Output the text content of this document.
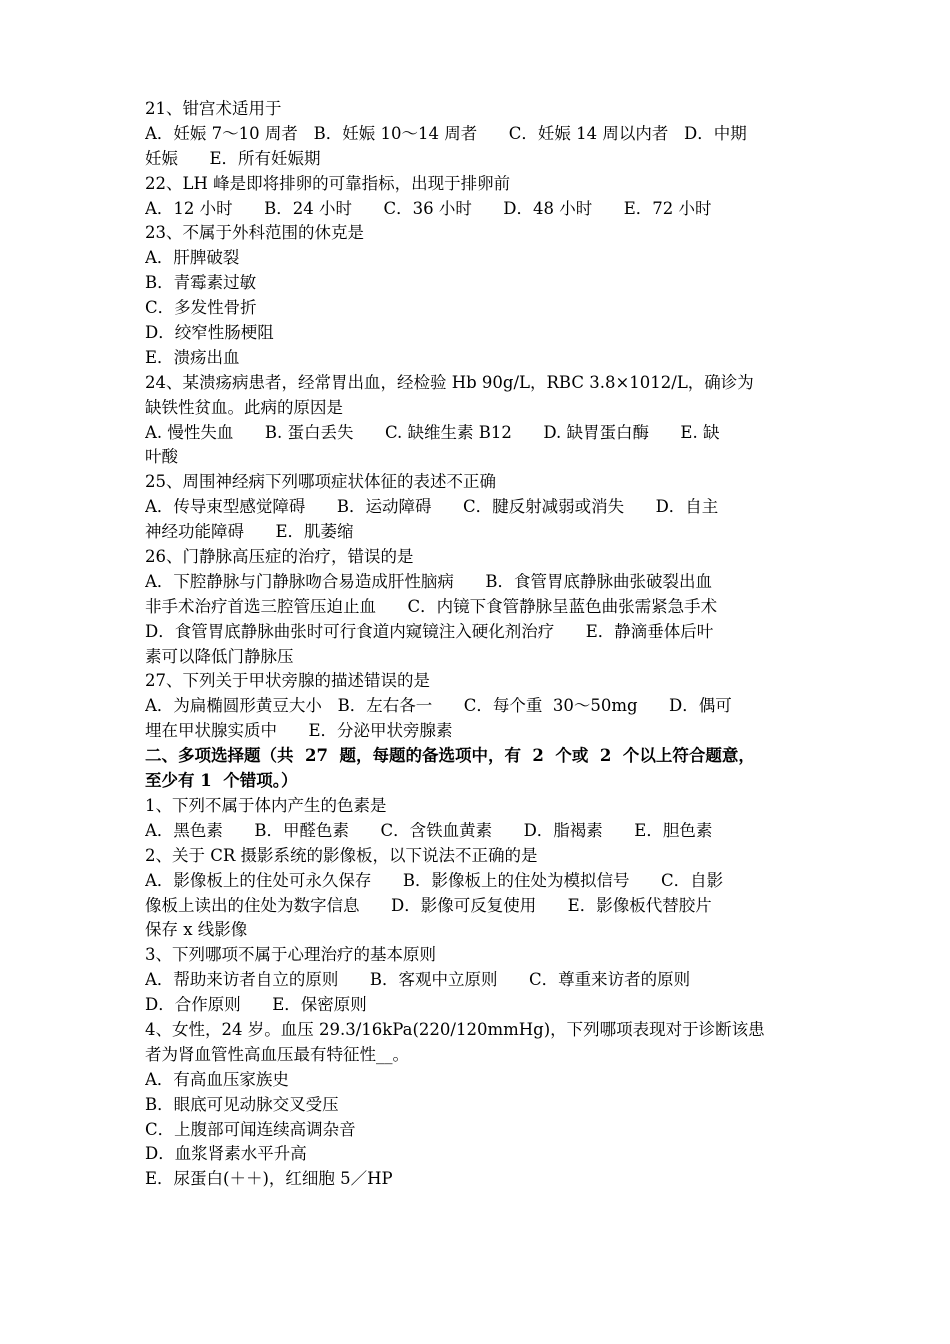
21、钳宫术适用于
A．妊娠 7～10 周者   B．妊娠 10～14 周者      C．妊娠 14 周以内者   D．中期
妊娠      E．所有妊娠期
22、LH 峰是即将排卵的可靠指标，出现于排卵前
A．12 小时      B．24 小时      C．36 小时      D．48 小时      E．72 小时
23、不属于外科范围的休克是
A．肝脾破裂
B．青霉素过敏
C．多发性骨折
D．绞窄性肠梗阻
E．溃疡出血
24、某溃疡病患者，经常胃出血，经检验 Hb 90g/L，RBC 3.8×1012/L，确诊为
缺铁性贫血。此病的原因是
A. 慢性失血      B. 蛋白丢失      C. 缺维生素 B12      D. 缺胃蛋白酶      E. 缺
叶酸
25、周围神经病下列哪项症状体征的表述不正确
A．传导束型感觉障碍      B．运动障碍      C．腱反射减弱或消失      D．自主
神经功能障碍      E．肌萎缩
26、门静脉高压症的治疗，错误的是
A．下腔静脉与门静脉吻合易造成肝性脑病      B．食管胃底静脉曲张破裂出血
非手术治疗首选三腔管压迫止血      C．内镜下食管静脉呈蓝色曲张需紧急手术
D．食管胃底静脉曲张时可行食道内窥镜注入硬化剂治疗      E．静滴垂体后叶
素可以降低门静脉压
27、下列关于甲状旁腺的描述错误的是
A．为扁椭圆形黄豆大小   B．左右各一      C．每个重  30～50mg      D．偶可
埋在甲状腺实质中      E．分泌甲状旁腺素
二、多项选择题（共  27  题，每题的备选项中，有  2  个或  2  个以上符合题意，
至少有 1  个错项。）
1、下列不属于体内产生的色素是
A．黑色素      B．甲醛色素      C．含铁血黄素      D．脂褐素      E．胆色素
2、关于 CR 摄影系统的影像板，以下说法不正确的是
A．影像板上的住处可永久保存      B．影像板上的住处为模拟信号      C．自影
像板上读出的住处为数字信息      D．影像可反复使用      E．影像板代替胶片
保存 x 线影像
3、下列哪项不属于心理治疗的基本原则
A．帮助来访者自立的原则      B．客观中立原则      C．尊重来访者的原则
D．合作原则      E．保密原则
4、女性，24 岁。血压 29.3/16kPa(220/120mmHg)，下列哪项表现对于诊断该患
者为肾血管性高血压最有特征性__。
A．有高血压家族史
B．眼底可见动脉交叉受压
C．上腹部可闻连续高调杂音
D．血浆肾素水平升高
E．尿蛋白(＋＋)，红细胞 5／HP
